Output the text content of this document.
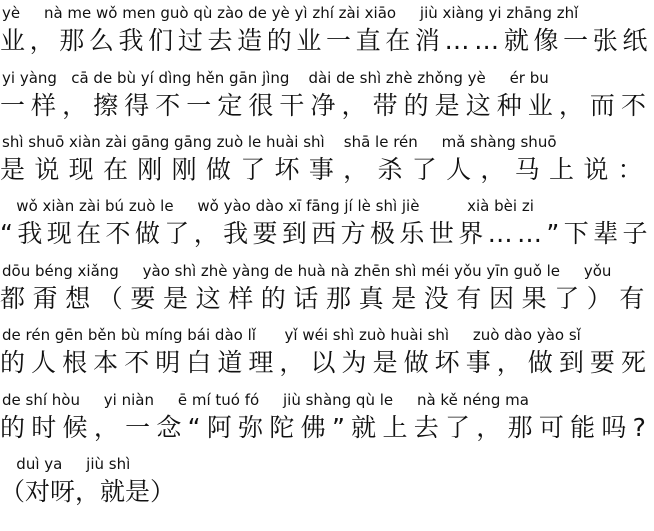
yè     nà me wǒ men guò qù zào de yè yì zhí zài xiāo     jiù xiàng yi zhāng zhǐ
业，那么我们过去造的业一直在消……就像一张纸
yi yàng   cā de bù yí dìng hěn gān jìng    dài de shì zhè zhǒng yè     ér bu
一样，擦得不一定很干净，带的是这种业，而不
shì shuō xiàn zài gāng gāng zuò le huài shì    shā le rén     mǎ shàng shuō
是说现在刚刚做了坏事，杀了人，马上说：
wǒ xiàn zài bú zuò le     wǒ yào dào xī fāng jí lè shì jiè          xià bèi zi
“我现在不做了，我要到西方极乐世界……”下辈子
dōu béng xiǎng     yào shì zhè yàng de huà nà zhēn shì méi yǒu yīn guǒ le     yǒu
都甭想（要是这样的话那真是没有因果了）有
de rén gēn běn bù míng bái dào lǐ      yǐ wéi shì zuò huài shì     zuò dào yào sǐ
的人根本不明白道理，以为是做坏事，做到要死
de shí hòu     yi niàn     ē mí tuó fó     jiù shàng qù le     nà kě néng ma
的时候，一念“阿弥陀佛”就上去了，那可能吗?
duì ya     jiù shì
（对呀，就是）
